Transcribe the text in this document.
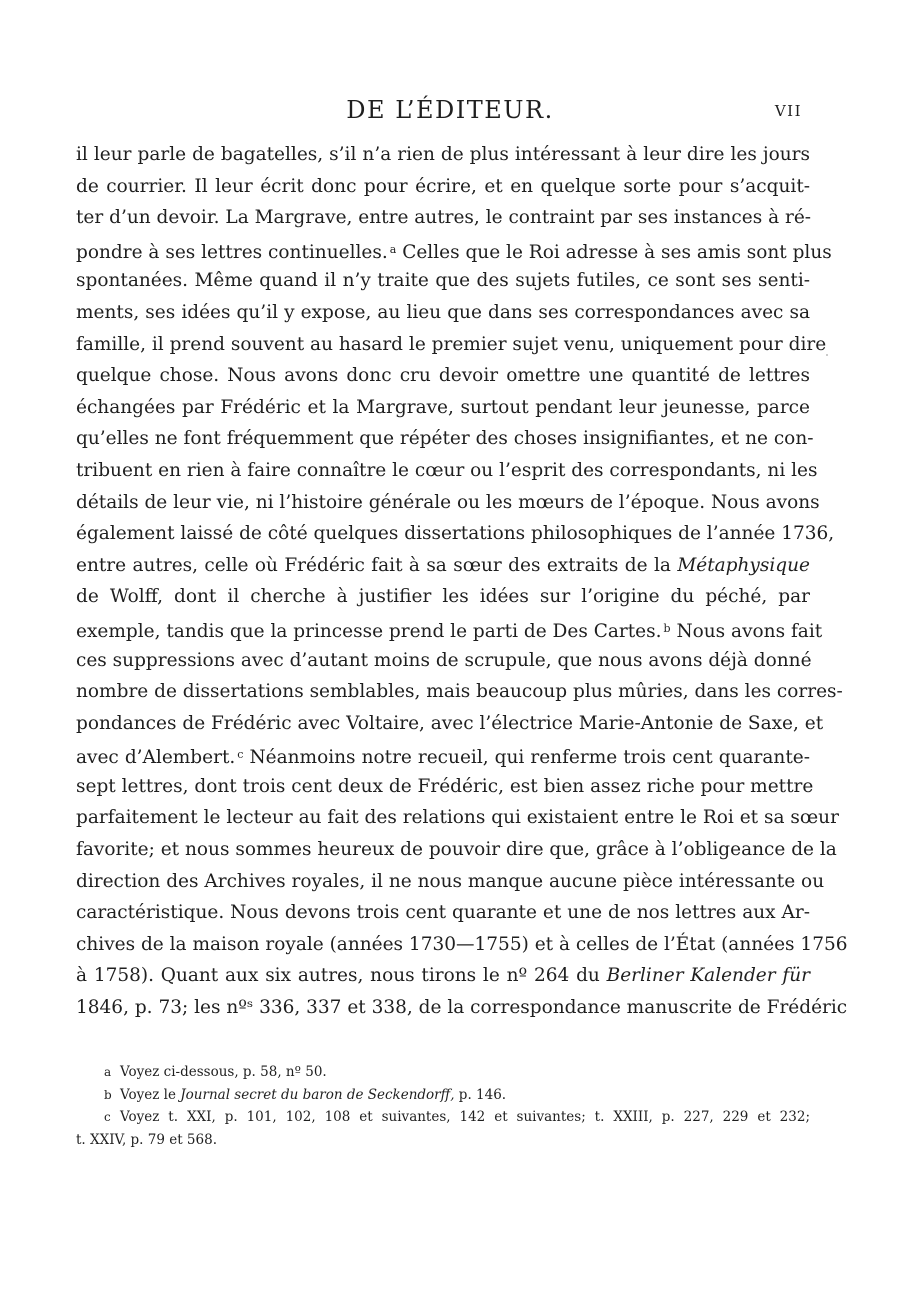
DE L’ÉDITEUR.	VII
il leur parle de bagatelles, s’il n’a rien de plus intéressant à leur dire les jours
de courrier. Il leur écrit donc pour écrire, et en quelque sorte pour s’acquit-
ter d’un devoir. La Margrave, entre autres, le contraint par ses instances à ré-
pondre à ses lettres continuelles. $^a$ Celles que le Roi adresse à ses amis sont plus
spontanées. Même quand il n’y traite que des sujets futiles, ce sont ses senti-
ments, ses idées qu’il y expose, au lieu que dans ses correspondances avec sa
famille, il prend souvent au hasard le premier sujet venu, uniquement pour dire
quelque chose. Nous avons donc cru devoir omettre une quantité de lettres
échangées par Frédéric et la Margrave, surtout pendant leur jeunesse, parce
qu’elles ne font fréquemment que répéter des choses insignifiantes, et ne con-
tribuent en rien à faire connaître le cœur ou l’esprit des correspondants, ni les
détails de leur vie, ni l’histoire générale ou les mœurs de l’époque. Nous avons
également laissé de côté quelques dissertations philosophiques de l’année 1736,
entre autres, celle où Frédéric fait à sa sœur des extraits de la Métaphysique
de Wolff, dont il cherche à justifier les idées sur l’origine du péché, par
exemple, tandis que la princesse prend le parti de Des Cartes. $^b$ Nous avons fait
ces suppressions avec d’autant moins de scrupule, que nous avons déjà donné
nombre de dissertations semblables, mais beaucoup plus mûries, dans les corres-
pondances de Frédéric avec Voltaire, avec l’électrice Marie-Antonie de Saxe, et
avec d’Alembert. $^c$ Néanmoins notre recueil, qui renferme trois cent quarante-
sept lettres, dont trois cent deux de Frédéric, est bien assez riche pour mettre
parfaitement le lecteur au fait des relations qui existaient entre le Roi et sa sœur
favorite; et nous sommes heureux de pouvoir dire que, grâce à l’obligeance de la
direction des Archives royales, il ne nous manque aucune pièce intéressante ou
caractéristique. Nous devons trois cent quarante et une de nos lettres aux Ar-
chives de la maison royale (années 1730—1755) et à celles de l’État (années 1756
à 1758). Quant aux six autres, nous tirons le nº 264 du Berliner Kalender für
1846, p. 73; les nºˢ 336, 337 et 338, de la correspondance manuscrite de Frédéric
a Voyez ci-dessous, p. 58, nº 50.
b Voyez le Journal secret du baron de Seckendorff, p. 146.
c Voyez t. XXI, p. 101, 102, 108 et suivantes, 142 et suivantes; t. XXIII, p. 227, 229 et 232;
t. XXIV, p. 79 et 568.
